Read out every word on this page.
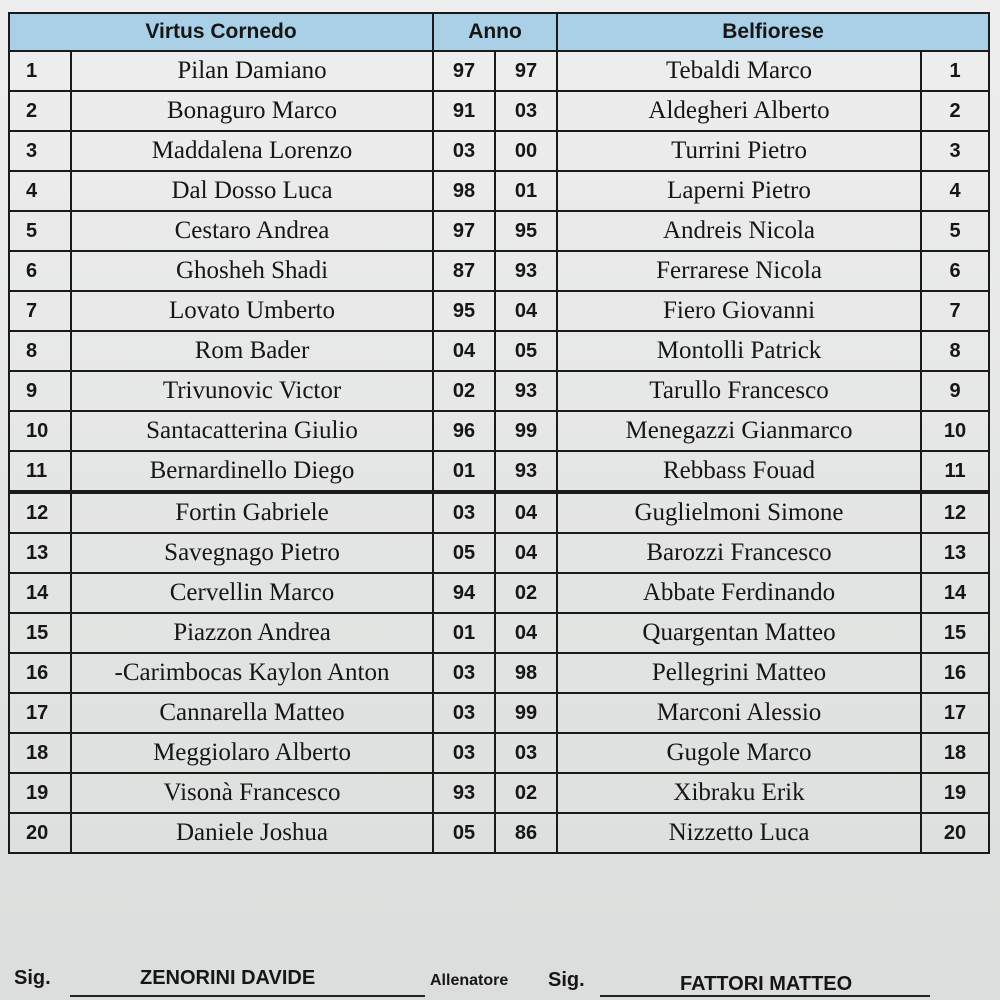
Virtus Cornedo		Anno		Belfiorese	
1	Pilan Damiano	97	97	Tebaldi Marco	1
2	Bonaguro Marco	91	03	Aldegheri Alberto	2
3	Maddalena Lorenzo	03	00	Turrini Pietro	3
4	Dal Dosso Luca	98	01	Laperni Pietro	4
5	Cestaro Andrea	97	95	Andreis Nicola	5
6	Ghosheh Shadi	87	93	Ferrarese Nicola	6
7	Lovato Umberto	95	04	Fiero Giovanni	7
8	Rom Bader	04	05	Montolli Patrick	8
9	Trivunovic Victor	02	93	Tarullo Francesco	9
10	Santacatterina Giulio	96	99	Menegazzi Gianmarco	10
11	Bernardinello Diego	01	93	Rebbass Fouad	11
12	Fortin Gabriele	03	04	Guglielmoni Simone	12
13	Savegnago Pietro	05	04	Barozzi Francesco	13
14	Cervellin Marco	94	02	Abbate Ferdinando	14
15	Piazzon Andrea	01	04	Quargentan Matteo	15
16	-Carimbocas Kaylon Anton	03	98	Pellegrini Matteo	16
17	Cannarella Matteo	03	99	Marconi Alessio	17
18	Meggiolaro Alberto	03	03	Gugole Marco	18
19	Visonà Francesco	93	02	Xibraku Erik	19
20	Daniele Joshua	05	86	Nizzetto Luca	20
Sig.	ZENORINI DAVIDE	Allenatore Sig.	FATTORI MATTEO
